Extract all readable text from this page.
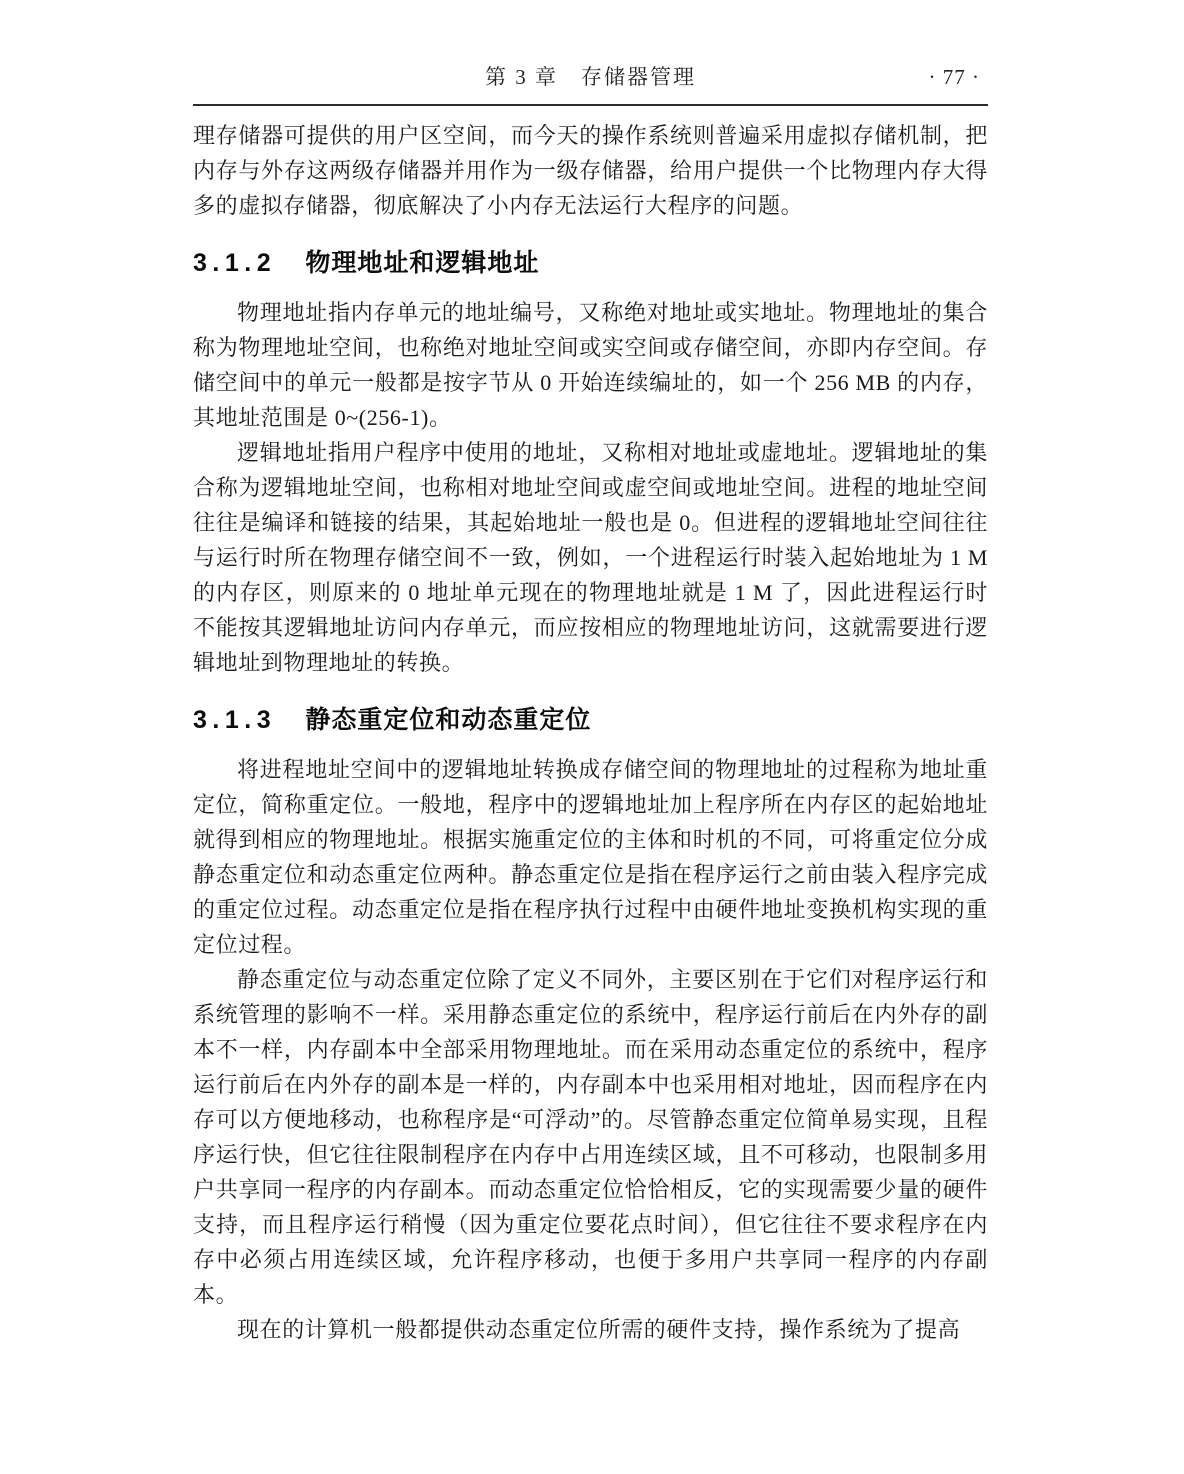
第 3 章　存储器管理	· 77 ·

理存储器可提供的用户区空间，而今天的操作系统则普遍采用虚拟存储机制，把内存与外存这两级存储器并用作为一级存储器，给用户提供一个比物理内存大得多的虚拟存储器，彻底解决了小内存无法运行大程序的问题。

3.1.2 物理地址和逻辑地址

物理地址指内存单元的地址编号，又称绝对地址或实地址。物理地址的集合称为物理地址空间，也称绝对地址空间或实空间或存储空间，亦即内存空间。存储空间中的单元一般都是按字节从 0 开始连续编址的，如一个 256 MB 的内存，其地址范围是 0~(256-1)。

逻辑地址指用户程序中使用的地址，又称相对地址或虚地址。逻辑地址的集合称为逻辑地址空间，也称相对地址空间或虚空间或地址空间。进程的地址空间往往是编译和链接的结果，其起始地址一般也是 0。但进程的逻辑地址空间往往与运行时所在物理存储空间不一致，例如，一个进程运行时装入起始地址为 1 M 的内存区，则原来的 0 地址单元现在的物理地址就是 1 M 了，因此进程运行时不能按其逻辑地址访问内存单元，而应按相应的物理地址访问，这就需要进行逻辑地址到物理地址的转换。

3.1.3 静态重定位和动态重定位

将进程地址空间中的逻辑地址转换成存储空间的物理地址的过程称为地址重定位，简称重定位。一般地，程序中的逻辑地址加上程序所在内存区的起始地址就得到相应的物理地址。根据实施重定位的主体和时机的不同，可将重定位分成静态重定位和动态重定位两种。静态重定位是指在程序运行之前由装入程序完成的重定位过程。动态重定位是指在程序执行过程中由硬件地址变换机构实现的重定位过程。

静态重定位与动态重定位除了定义不同外，主要区别在于它们对程序运行和系统管理的影响不一样。采用静态重定位的系统中，程序运行前后在内外存的副本不一样，内存副本中全部采用物理地址。而在采用动态重定位的系统中，程序运行前后在内外存的副本是一样的，内存副本中也采用相对地址，因而程序在内存可以方便地移动，也称程序是“可浮动”的。尽管静态重定位简单易实现，且程序运行快，但它往往限制程序在内存中占用连续区域，且不可移动，也限制多用户共享同一程序的内存副本。而动态重定位恰恰相反，它的实现需要少量的硬件支持，而且程序运行稍慢（因为重定位要花点时间），但它往往不要求程序在内存中必须占用连续区域，允许程序移动，也便于多用户共享同一程序的内存副本。

现在的计算机一般都提供动态重定位所需的硬件支持，操作系统为了提高
